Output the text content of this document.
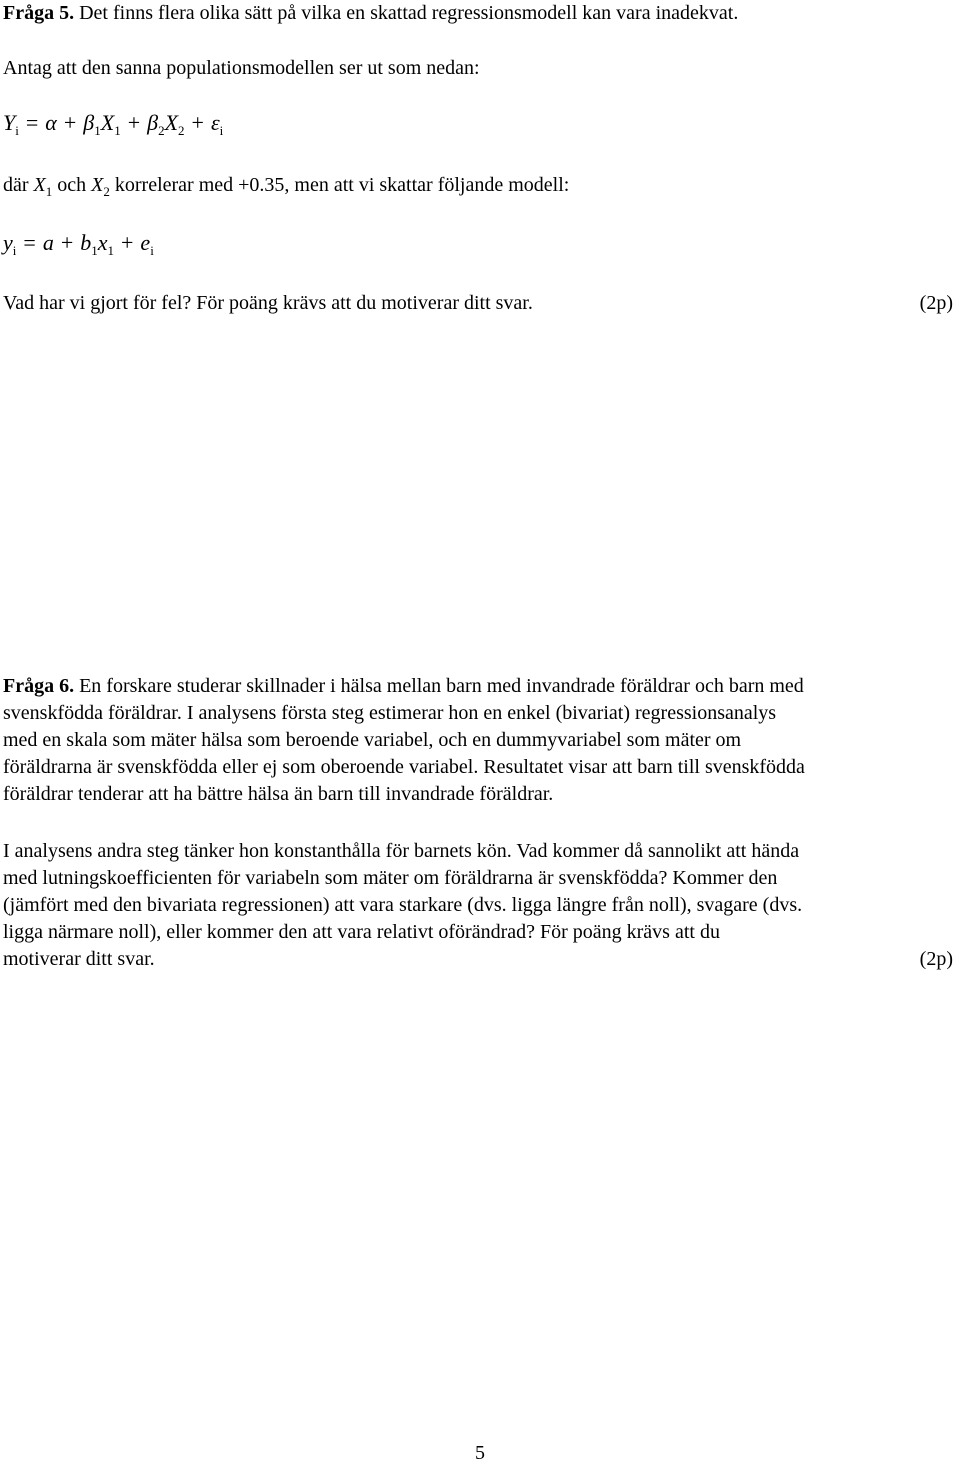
Fråga 5. Det finns flera olika sätt på vilka en skattad regressionsmodell kan vara inadekvat.
Antag att den sanna populationsmodellen ser ut som nedan:
$Y_i = \alpha + \beta_1X_1 + \beta_2X_2 + \varepsilon_i$
där $X_1$ och $X_2$ korrelerar med +0.35, men att vi skattar följande modell:
$y_i = a + b_1x_1 + e_i$
Vad har vi gjort för fel? För poäng krävs att du motiverar ditt svar.	(2p)
Fråga 6. En forskare studerar skillnader i hälsa mellan barn med invandrade föräldrar och barn med
svenskfödda föräldrar. I analysens första steg estimerar hon en enkel (bivariat) regressionsanalys
med en skala som mäter hälsa som beroende variabel, och en dummyvariabel som mäter om
föräldrarna är svenskfödda eller ej som oberoende variabel. Resultatet visar att barn till svenskfödda
föräldrar tenderar att ha bättre hälsa än barn till invandrade föräldrar.
I analysens andra steg tänker hon konstanthålla för barnets kön. Vad kommer då sannolikt att hända
med lutningskoefficienten för variabeln som mäter om föräldrarna är svenskfödda? Kommer den
(jämfört med den bivariata regressionen) att vara starkare (dvs. ligga längre från noll), svagare (dvs.
ligga närmare noll), eller kommer den att vara relativt oförändrad? För poäng krävs att du
motiverar ditt svar.	(2p)
5
